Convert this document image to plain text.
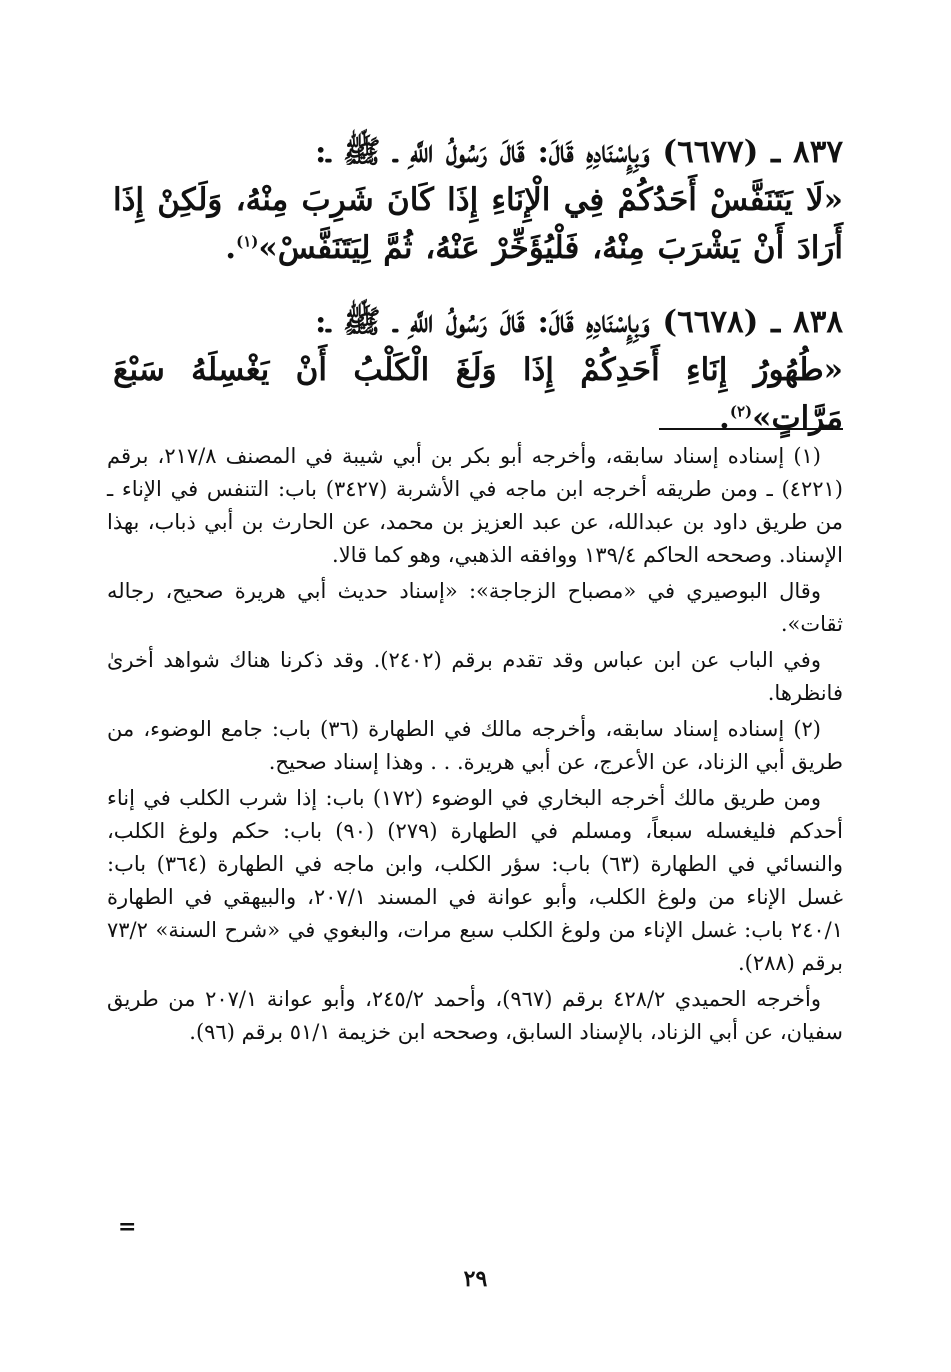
٨٣٧ ـ (٦٦٧٧) وَبِإِسْنَادِهِ قَالَ: قَالَ رَسُولُ اللَّهِ ـ ﷺ ـ:
«لَا يَتَنَفَّسْ أَحَدُكُمْ فِي الْإِنَاءِ إِذَا كَانَ شَرِبَ مِنْهُ، وَلَكِنْ إِذَا أَرَادَ أَنْ يَشْرَبَ مِنْهُ، فَلْيُؤَخِّرْ عَنْهُ، ثُمَّ لِيَتَنَفَّسْ»$^{(١)}$.
٨٣٨ ـ (٦٦٧٨) وَبِإِسْنَادِهِ قَالَ: قَالَ رَسُولُ اللَّهِ ـ ﷺ ـ:
«طُهُورُ إِنَاءِ أَحَدِكُمْ إِذَا وَلَغَ الْكَلْبُ أَنْ يَغْسِلَهُ سَبْعَ مَرَّاتٍ»$^{(٢)}$.

(١) إسناده إسناد سابقه، وأخرجه أبو بكر بن أبي شيبة في المصنف ٢١٧/٨، برقم (٤٢٢١) ـ ومن طريقه أخرجه ابن ماجه في الأشربة (٣٤٢٧) باب: التنفس في الإناء ـ من طريق داود بن عبدالله، عن عبد العزيز بن محمد، عن الحارث بن أبي ذباب، بهذا الإسناد. وصححه الحاكم ١٣٩/٤ ووافقه الذهبي، وهو كما قالا.

وقال البوصيري في «مصباح الزجاجة»: «إسناد حديث أبي هريرة صحيح، رجاله ثقات».

وفي الباب عن ابن عباس وقد تقدم برقم (٢٤٠٢). وقد ذكرنا هناك شواهد أخرىٰ فانظرها.

(٢) إسناده إسناد سابقه، وأخرجه مالك في الطهارة (٣٦) باب: جامع الوضوء، من طريق أبي الزناد، عن الأعرج، عن أبي هريرة. . . وهذا إسناد صحيح.

ومن طريق مالك أخرجه البخاري في الوضوء (١٧٢) باب: إذا شرب الكلب في إناء أحدكم فليغسله سبعاً، ومسلم في الطهارة (٢٧٩) (٩٠) باب: حكم ولوغ الكلب، والنسائي في الطهارة (٦٣) باب: سؤر الكلب، وابن ماجه في الطهارة (٣٦٤) باب: غسل الإناء من ولوغ الكلب، وأبو عوانة في المسند ٢٠٧/١، والبيهقي في الطهارة ٢٤٠/١ باب: غسل الإناء من ولوغ الكلب سبع مرات، والبغوي في «شرح السنة» ٧٣/٢ برقم (٢٨٨).

وأخرجه الحميدي ٤٢٨/٢ برقم (٩٦٧)، وأحمد ٢٤٥/٢، وأبو عوانة ٢٠٧/١ من طريق سفيان، عن أبي الزناد، بالإسناد السابق، وصححه ابن خزيمة ٥١/١ برقم (٩٦).

=
٢٩
